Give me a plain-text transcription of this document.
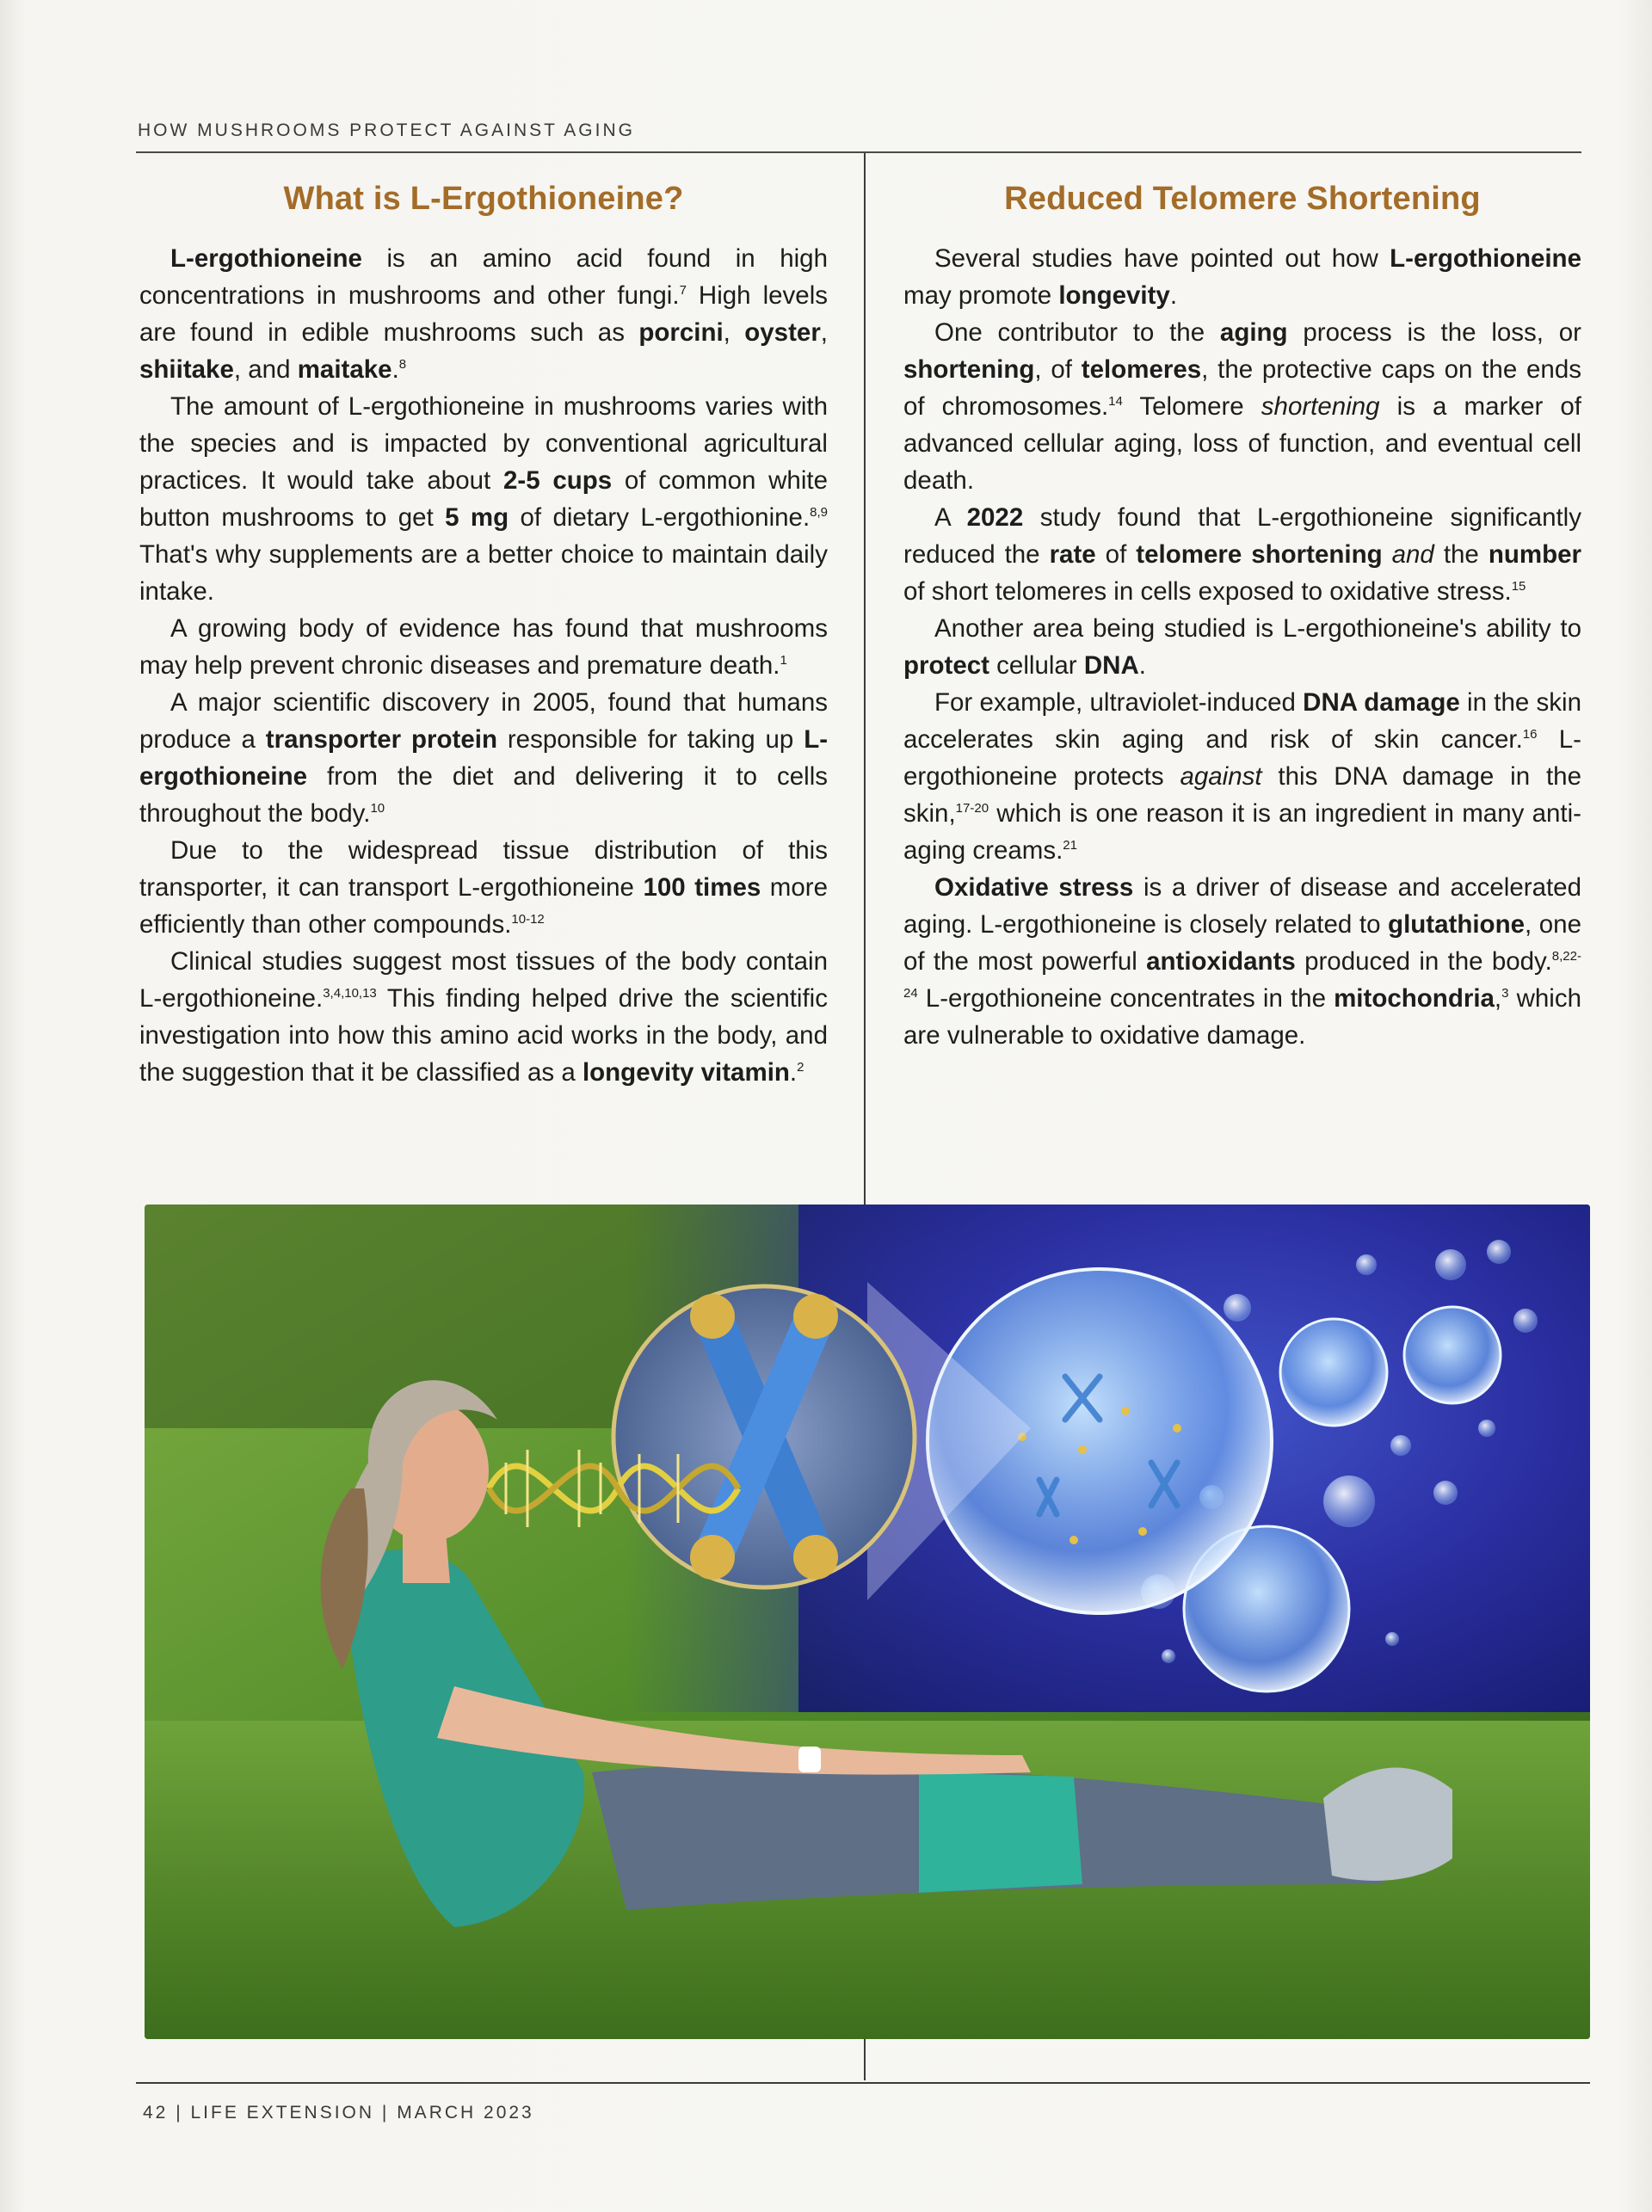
HOW MUSHROOMS PROTECT AGAINST AGING
What is L-Ergothioneine?

L-ergothioneine is an amino acid found in high concentrations in mushrooms and other fungi.$^7$ High levels are found in edible mushrooms such as porcini, oyster, shiitake, and maitake.$^8$

The amount of L-ergothioneine in mushrooms varies with the species and is impacted by conventional agricultural practices. It would take about 2-5 cups of common white button mushrooms to get 5 mg of dietary L-ergothionine.$^{8,9}$ That's why supplements are a better choice to maintain daily intake.

A growing body of evidence has found that mushrooms may help prevent chronic diseases and premature death.$^1$

A major scientific discovery in 2005, found that humans produce a transporter protein responsible for taking up L-ergothioneine from the diet and delivering it to cells throughout the body.$^{10}$

Due to the widespread tissue distribution of this transporter, it can transport L-ergothioneine 100 times more efficiently than other compounds.$^{10-12}$

Clinical studies suggest most tissues of the body contain L-ergothioneine.$^{3,4,10,13}$ This finding helped drive the scientific investigation into how this amino acid works in the body, and the suggestion that it be classified as a longevity vitamin.$^2$

Reduced Telomere Shortening

Several studies have pointed out how L-ergothioneine may promote longevity.

One contributor to the aging process is the loss, or shortening, of telomeres, the protective caps on the ends of chromosomes.$^{14}$ Telomere shortening is a marker of advanced cellular aging, loss of function, and eventual cell death.

A 2022 study found that L-ergothioneine significantly reduced the rate of telomere shortening and the number of short telomeres in cells exposed to oxidative stress.$^{15}$

Another area being studied is L-ergothioneine's ability to protect cellular DNA.

For example, ultraviolet-induced DNA damage in the skin accelerates skin aging and risk of skin cancer.$^{16}$ L-ergothioneine protects against this DNA damage in the skin,$^{17-20}$ which is one reason it is an ingredient in many anti-aging creams.$^{21}$

Oxidative stress is a driver of disease and accelerated aging. L-ergothioneine is closely related to glutathione, one of the most powerful antioxidants produced in the body.$^{8,22-24}$ L-ergothioneine concentrates in the mitochondria,$^3$ which are vulnerable to oxidative damage.

42 | LIFE EXTENSION | MARCH 2023
